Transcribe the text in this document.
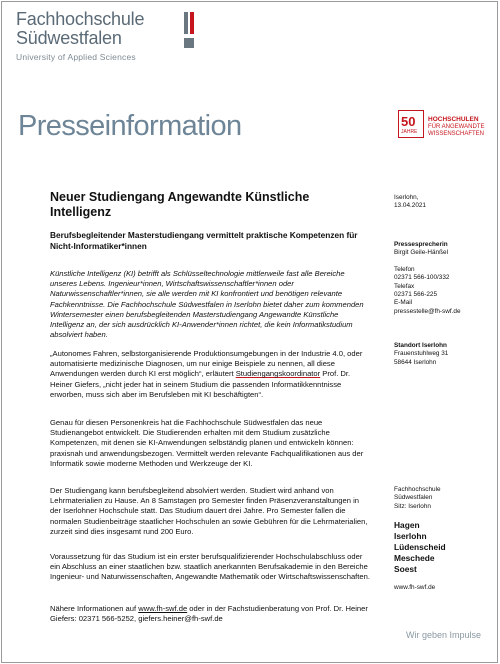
Fachhochschule
Südwestfalen
University of Applied Sciences
Presseinformation	50
JAHRE
HOCHSCHULEN
FÜR ANGEWANDTE
WISSENSCHAFTEN
Neuer Studiengang Angewandte Künstliche Intelligenz
Berufsbegleitender Masterstudiengang vermittelt praktische Kompetenzen für Nicht-Informatiker*innen
Künstliche Intelligenz (KI) betrifft als Schlüsseltechnologie mittlerweile fast alle Bereiche unseres Lebens. Ingenieur*innen, Wirtschaftswissenschaftler*innen oder Naturwissenschaftler*innen, sie alle werden mit KI konfrontiert und benötigen relevante Fachkenntnisse. Die Fachhochschule Südwestfalen in Iserlohn bietet daher zum kommenden Wintersemester einen berufsbegleitenden Masterstudiengang Angewandte Künstliche Intelligenz an, der sich ausdrücklich KI-Anwender*innen richtet, die kein Informatikstudium absolviert haben.
„Autonomes Fahren, selbstorganisierende Produktionsumgebungen in der Industrie 4.0, oder automatisierte medizinische Diagnosen, um nur einige Beispiele zu nennen, all diese Anwendungen werden durch KI erst möglich“, erläutert Studiengangskoordinator Prof. Dr. Heiner Giefers, „nicht jeder hat in seinem Studium die passenden Informatikkenntnisse erworben, muss sich aber im Berufsleben mit KI beschäftigten“.
Genau für diesen Personenkreis hat die Fachhochschule Südwestfalen das neue Studienangebot entwickelt. Die Studierenden erhalten mit dem Studium zusätzliche Kompetenzen, mit denen sie KI-Anwendungen selbständig planen und entwickeln können: praxisnah und anwendungsbezogen. Vermittelt werden relevante Fachqualifikationen aus der Informatik sowie moderne Methoden und Werkzeuge der KI.
Der Studiengang kann berufsbegleitend absolviert werden. Studiert wird anhand von Lehrmaterialien zu Hause. An 8 Samstagen pro Semester finden Präsenzveranstaltungen in der Iserlohner Hochschule statt. Das Studium dauert drei Jahre. Pro Semester fallen die normalen Studienbeiträge staatlicher Hochschulen an sowie Gebühren für die Lehrmaterialien, zurzeit sind dies insgesamt rund 200 Euro.
Voraussetzung für das Studium ist ein erster berufsqualifizierender Hochschulabschluss oder ein Abschluss an einer staatlichen bzw. staatlich anerkannten Berufsakademie in den Bereiche Ingenieur- und Naturwissenschaften, Angewandte Mathematik oder Wirtschaftswissenschaften.
Nähere Informationen auf www.fh-swf.de oder in der Fachstudienberatung von Prof. Dr. Heiner Giefers: 02371 566-5252, giefers.heiner@fh-swf.de
Iserlohn,
13.04.2021
Pressesprecherin
Birgit Geile-Hänßel
Telefon
02371 566-100/332
Telefax
02371 566-225
E-Mail
pressestelle@fh-swf.de
Standort Iserlohn
Frauenstuhlweg 31
58644 Iserlohn
Fachhochschule
Südwestfalen
Sitz: Iserlohn
Hagen
Iserlohn
Lüdenscheid
Meschede
Soest
www.fh-swf.de
Wir geben Impulse
